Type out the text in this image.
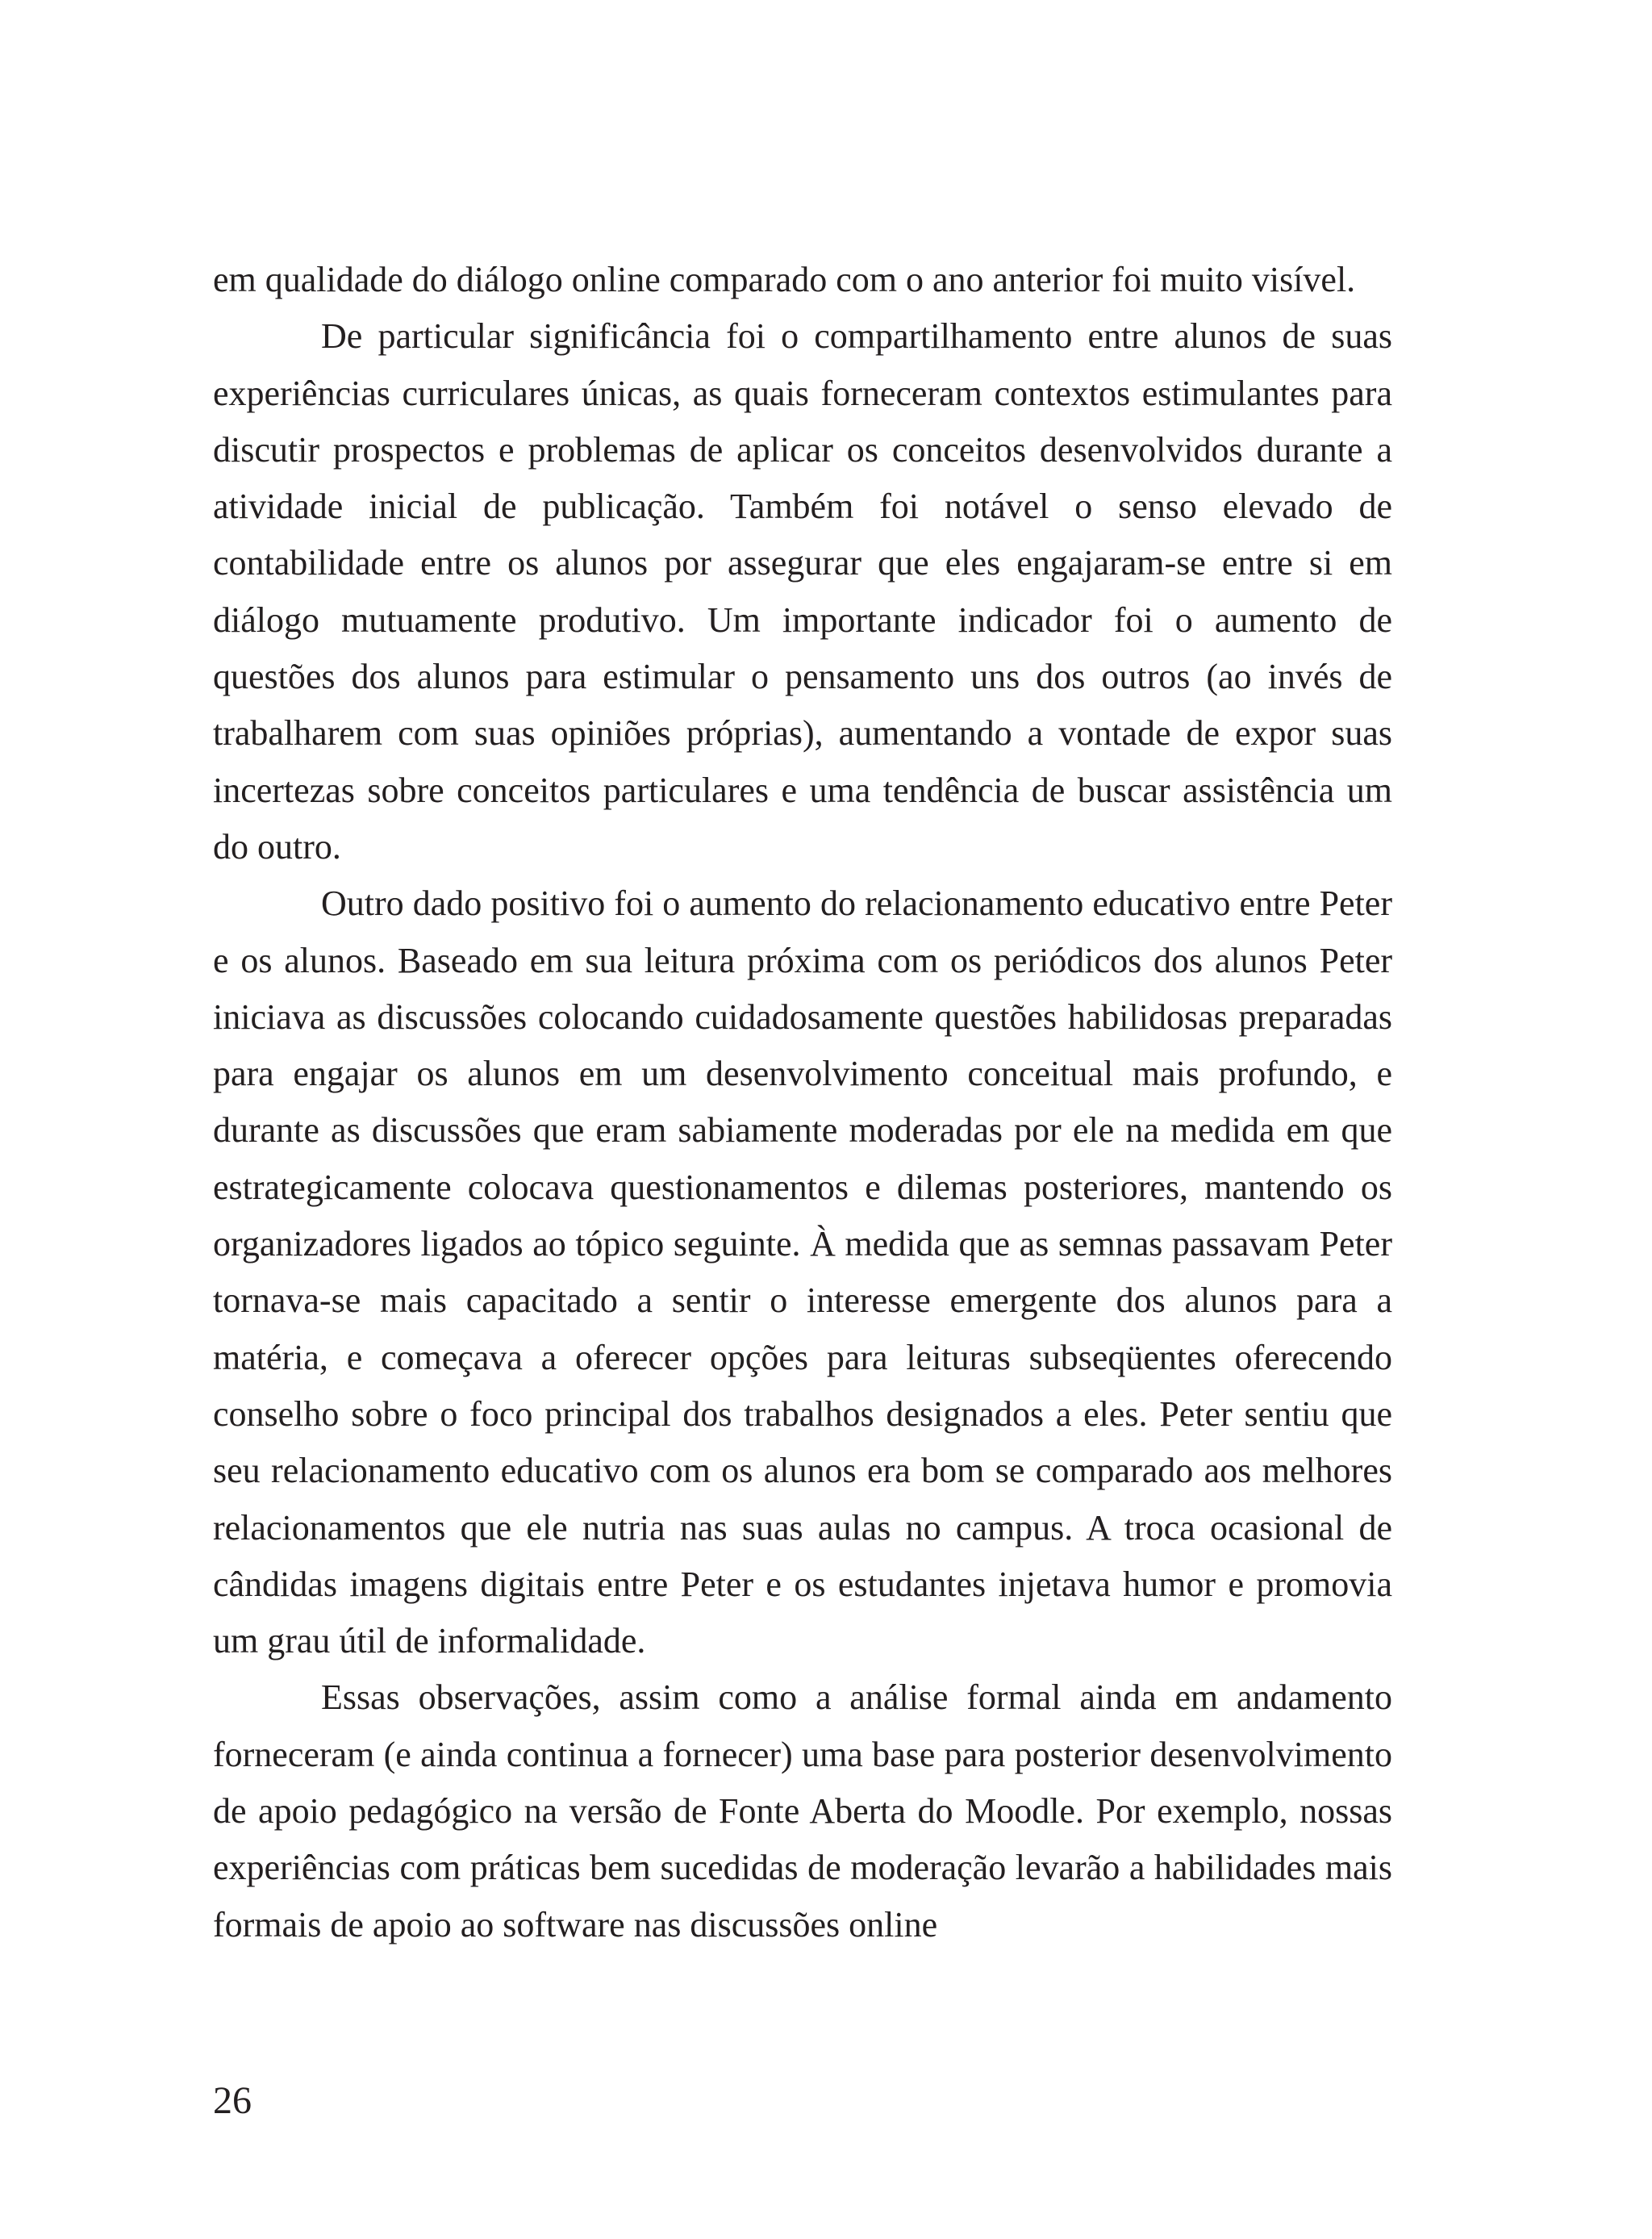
em qualidade do diálogo online comparado com o ano anterior foi muito visível.

De particular significância foi o compartilhamento entre alunos de suas experiências curriculares únicas, as quais forneceram contextos estimulantes para discutir prospectos e problemas de aplicar os conceitos desenvolvidos durante a atividade inicial de publicação. Também foi notável o senso elevado de contabilidade entre os alunos por assegurar que eles engajaram-se entre si em diálogo mutuamente produtivo. Um importante indicador foi o aumento de questões dos alunos para estimular o pensamento uns dos outros (ao invés de trabalharem com suas opiniões próprias), aumentando a vontade de expor suas incertezas sobre conceitos particulares e uma tendência de buscar assistência um do outro.

Outro dado positivo foi o aumento do relacionamento educativo entre Peter e os alunos. Baseado em sua leitura próxima com os periódicos dos alunos Peter iniciava as discussões colocando cuidadosamente questões habilidosas preparadas para engajar os alunos em um desenvolvimento conceitual mais profundo, e durante as discussões que eram sabiamente moderadas por ele na medida em que estrategicamente colocava questionamentos e dilemas posteriores, mantendo os organizadores ligados ao tópico seguinte. À medida que as semnas passavam Peter tornava-se mais capacitado a sentir o interesse emergente dos alunos para a matéria, e começava a oferecer opções para leituras subseqüentes oferecendo conselho sobre o foco principal dos trabalhos designados a eles. Peter sentiu que seu relacionamento educativo com os alunos era bom se comparado aos melhores relacionamentos que ele nutria nas suas aulas no campus. A troca ocasional de cândidas imagens digitais entre Peter e os estudantes injetava humor e promovia um grau útil de informalidade.

Essas observações, assim como a análise formal ainda em andamento forneceram (e ainda continua a fornecer) uma base para posterior desenvolvimento de apoio pedagógico na versão de Fonte Aberta do Moodle. Por exemplo, nossas experiências com práticas bem sucedidas de moderação levarão a habilidades mais formais de apoio ao software nas discussões online

26
